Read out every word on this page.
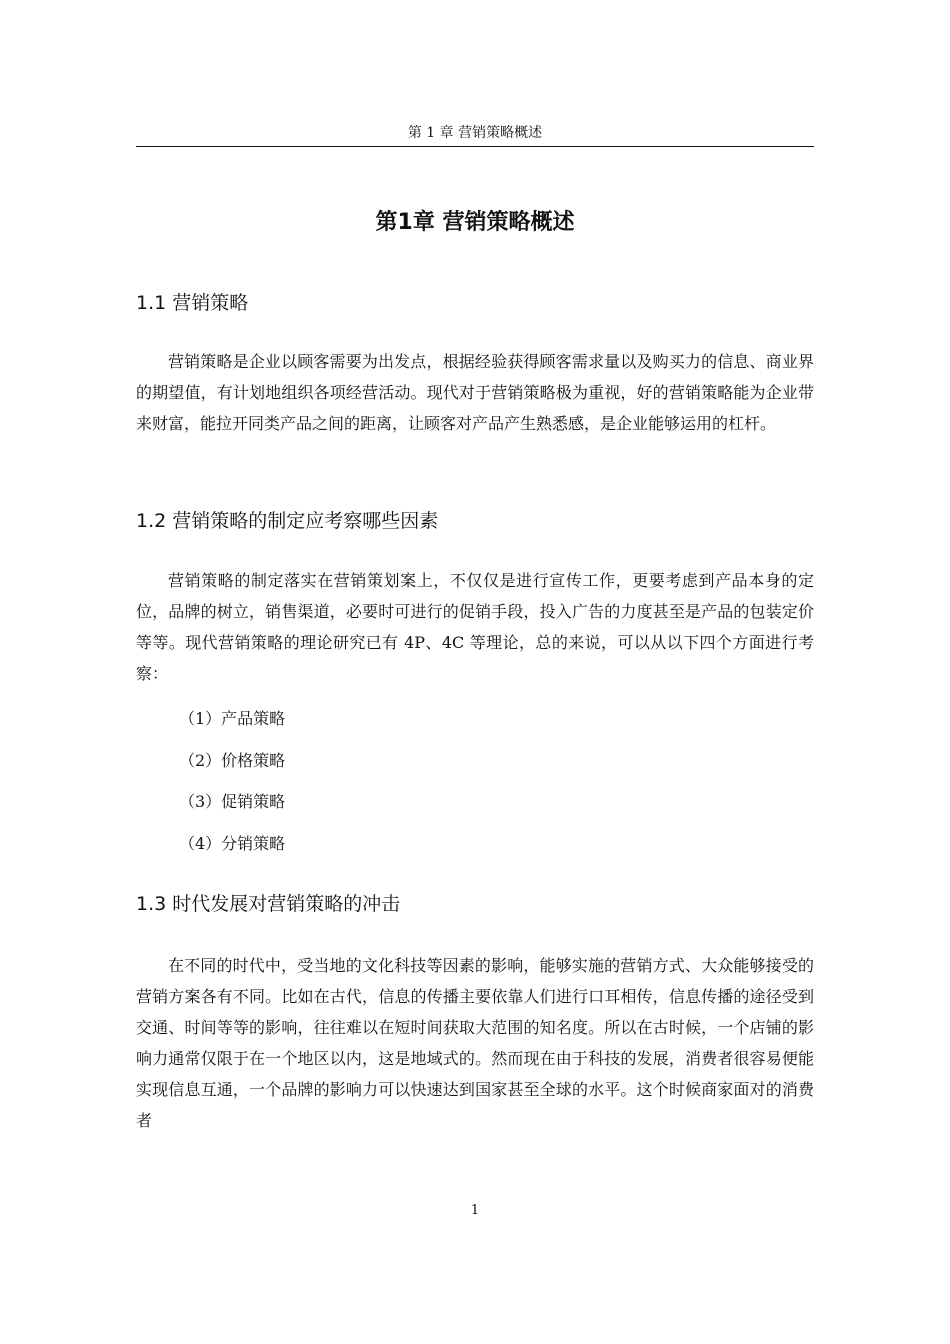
第 1 章 营销策略概述
第1章 营销策略概述
1.1 营销策略

营销策略是企业以顾客需要为出发点，根据经验获得顾客需求量以及购买力的信息、商业界的期望值，有计划地组织各项经营活动。现代对于营销策略极为重视，好的营销策略能为企业带来财富，能拉开同类产品之间的距离，让顾客对产品产生熟悉感，是企业能够运用的杠杆。

1.2 营销策略的制定应考察哪些因素

营销策略的制定落实在营销策划案上，不仅仅是进行宣传工作，更要考虑到产品本身的定位，品牌的树立，销售渠道，必要时可进行的促销手段，投入广告的力度甚至是产品的包装定价等等。现代营销策略的理论研究已有 4P、4C 等理论，总的来说，可以从以下四个方面进行考察：

（1）产品策略
（2）价格策略
（3）促销策略
（4）分销策略
1.3 时代发展对营销策略的冲击

在不同的时代中，受当地的文化科技等因素的影响，能够实施的营销方式、大众能够接受的营销方案各有不同。比如在古代，信息的传播主要依靠人们进行口耳相传，信息传播的途径受到交通、时间等等的影响，往往难以在短时间获取大范围的知名度。所以在古时候，一个店铺的影响力通常仅限于在一个地区以内，这是地域式的。然而现在由于科技的发展，消费者很容易便能实现信息互通，一个品牌的影响力可以快速达到国家甚至全球的水平。这个时候商家面对的消费者

1
